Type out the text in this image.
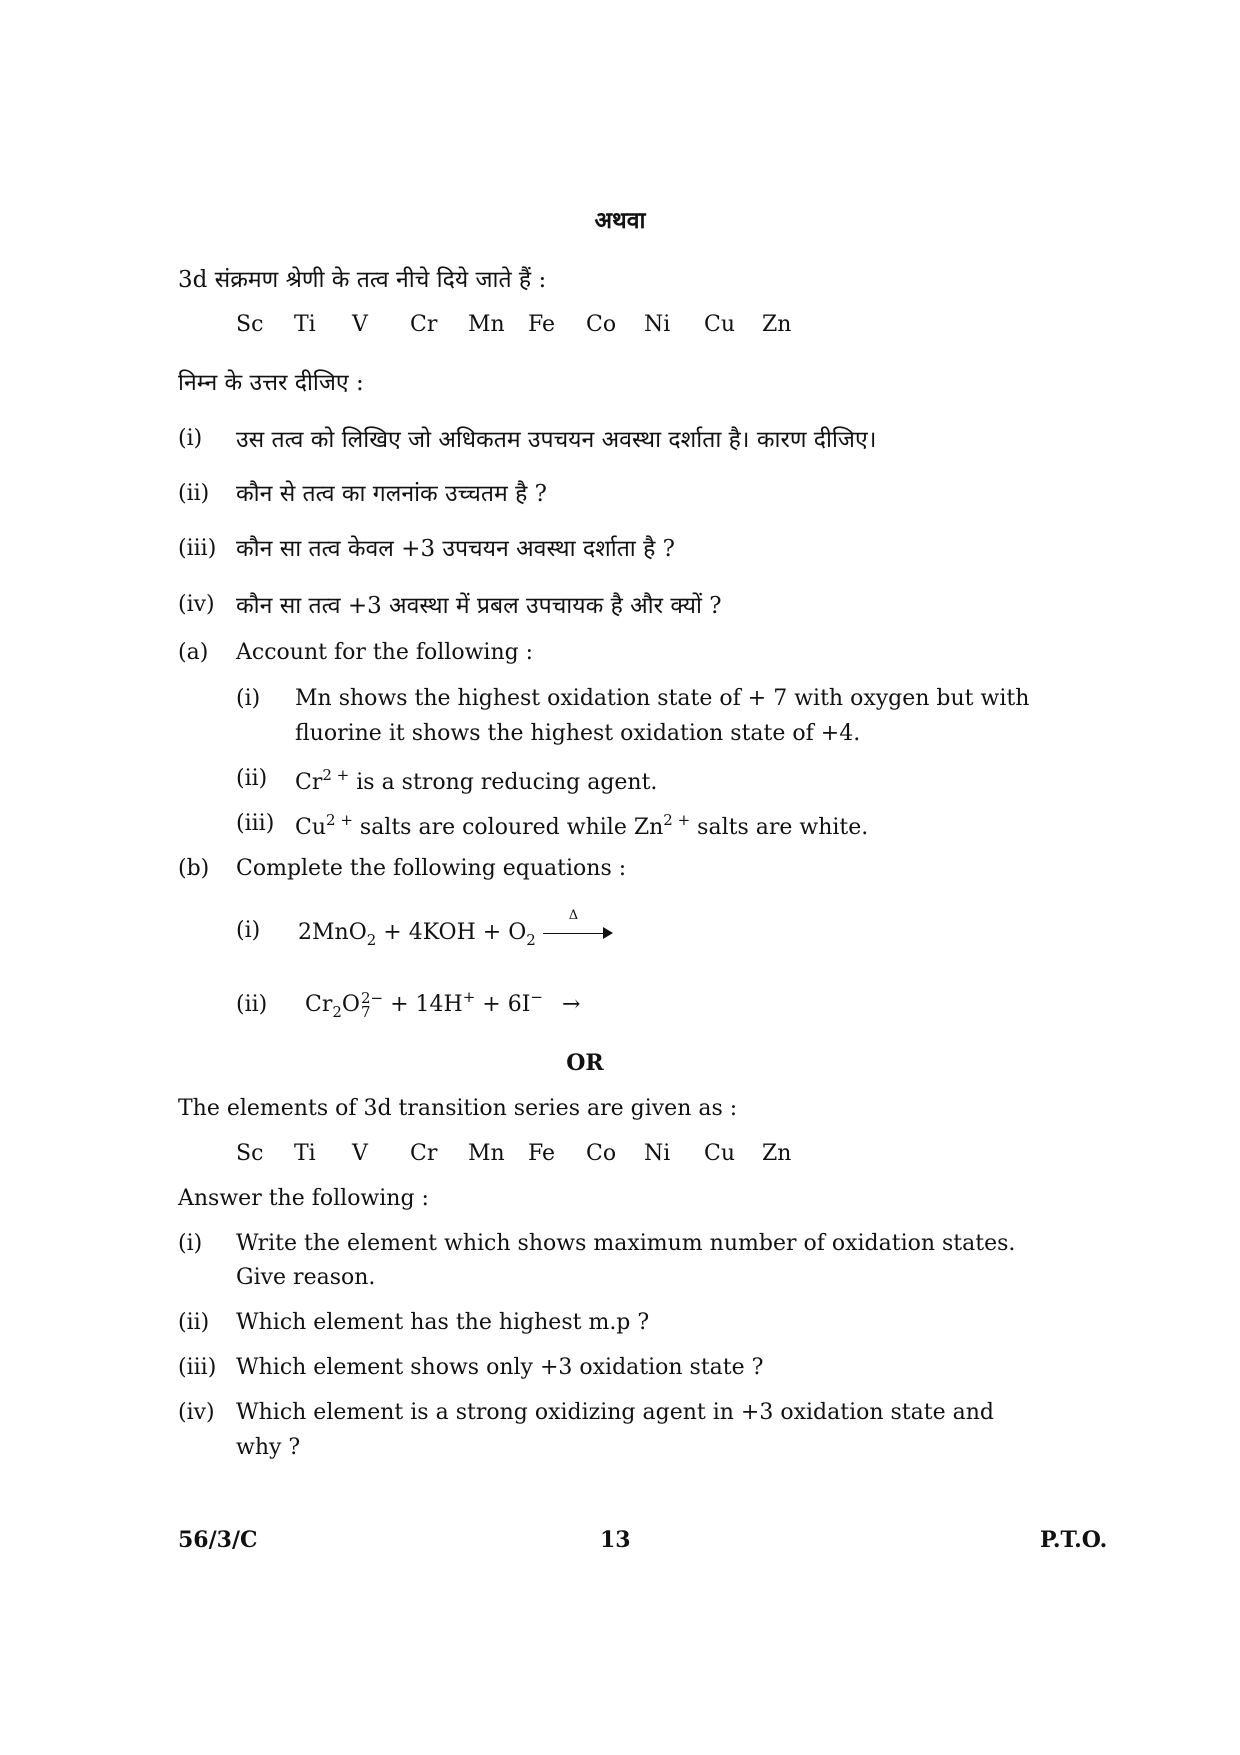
अथवा
3d संक्रमण श्रेणी के तत्व नीचे दिये जाते हैं :
Sc	Ti	V	Cr	Mn	Fe	Co	Ni	Cu	Zn
निम्न के उत्तर दीजिए :
(i) उस तत्व को लिखिए जो अधिकतम उपचयन अवस्था दर्शाता है। कारण दीजिए।
(ii) कौन से तत्व का गलनांक उच्चतम है ?
(iii) कौन सा तत्व केवल +3 उपचयन अवस्था दर्शाता है ?
(iv) कौन सा तत्व +3 अवस्था में प्रबल उपचायक है और क्यों ?
(a) Account for the following :
(i) Mn shows the highest oxidation state of + 7 with oxygen but with
fluorine it shows the highest oxidation state of +4.
(ii) $Cr^{2 +}$ is a strong reducing agent.
(iii) $Cu^{2 +}$ salts are coloured while $Zn^{2 +}$ salts are white.
(b) Complete the following equations :
(i) $2MnO_2 + 4KOH + O_2$
Δ
(ii) $Cr_2O$ 2−
7 + 14H+ + 6I− →
OR
The elements of 3d transition series are given as :
Sc	Ti	V	Cr	Mn	Fe	Co	Ni	Cu	Zn
Answer the following :
(i) Write the element which shows maximum number of oxidation states.
Give reason.
(ii) Which element has the highest m.p ?
(iii) Which element shows only +3 oxidation state ?
(iv) Which element is a strong oxidizing agent in +3 oxidation state and
why ?
56/3/C	13	P.T.O.
